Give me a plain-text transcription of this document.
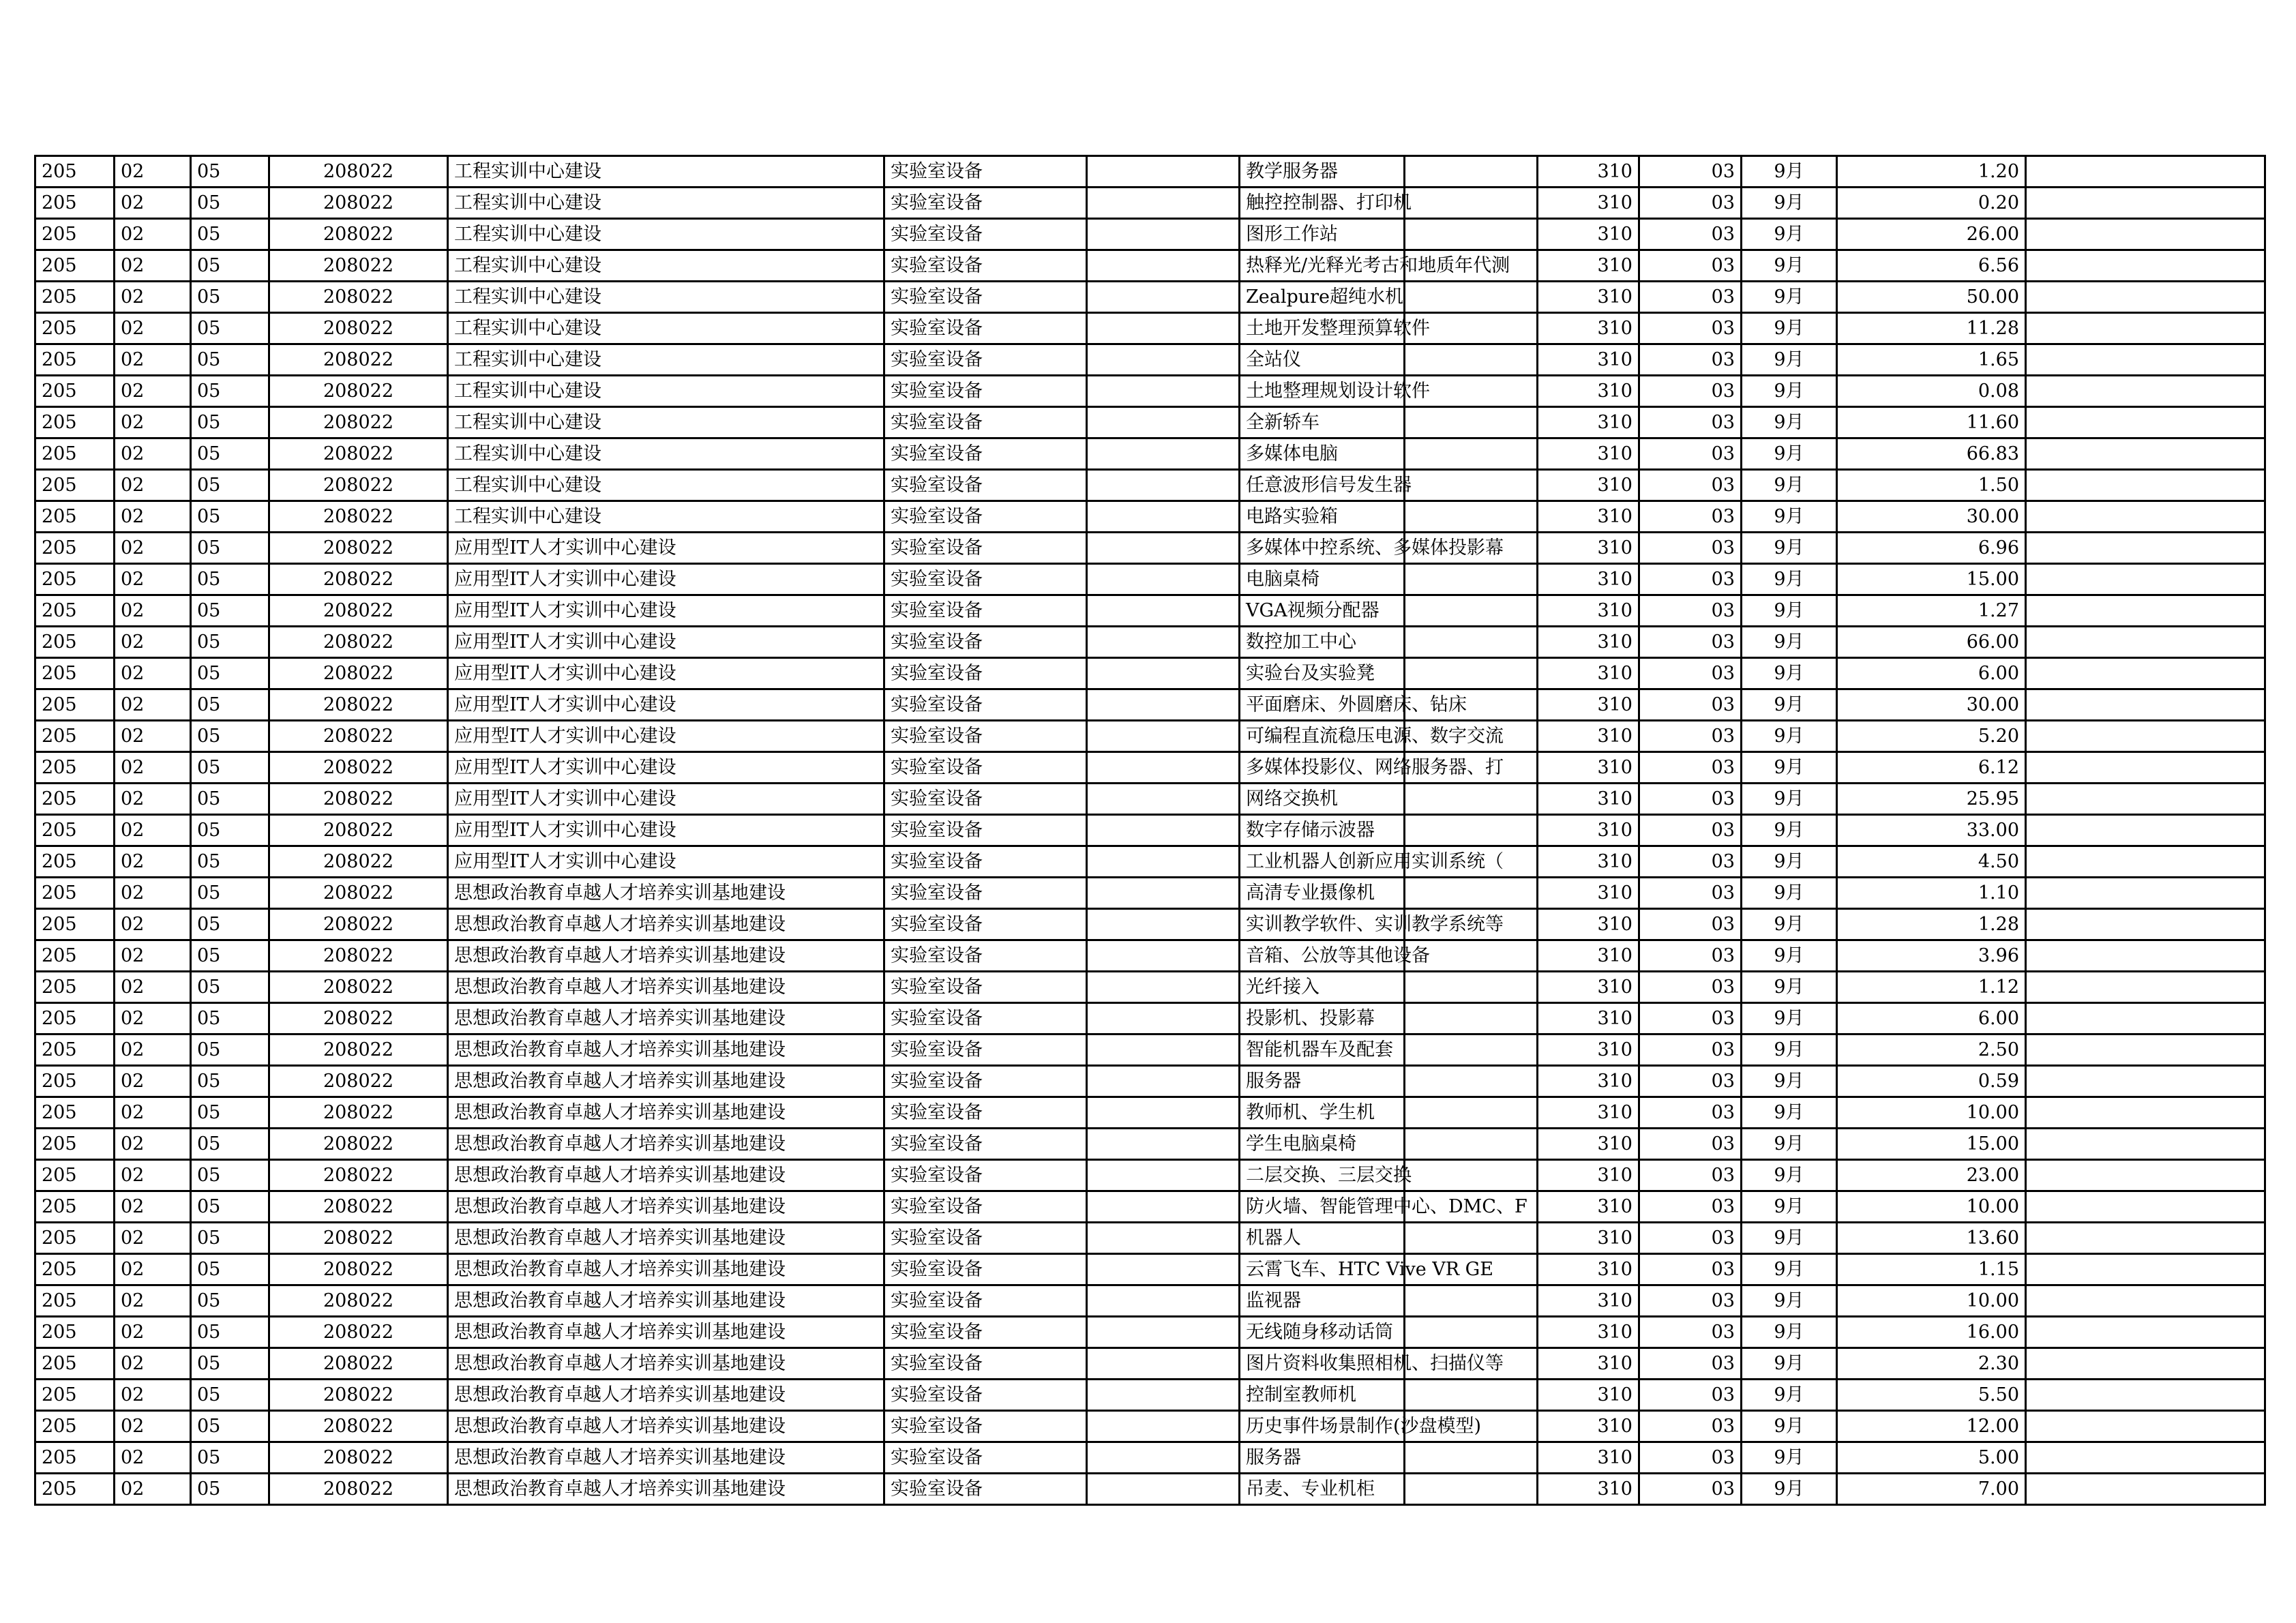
205	02	05	208022	工程实训中心建设	实验室设备		教学服务器		310	03	9月	1.20	
205	02	05	208022	工程实训中心建设	实验室设备		触控控制器、打印机		310	03	9月	0.20	
205	02	05	208022	工程实训中心建设	实验室设备		图形工作站		310	03	9月	26.00	
205	02	05	208022	工程实训中心建设	实验室设备		热释光/光释光考古和地质年代测		310	03	9月	6.56	
205	02	05	208022	工程实训中心建设	实验室设备		Zealpure超纯水机		310	03	9月	50.00	
205	02	05	208022	工程实训中心建设	实验室设备		土地开发整理预算软件		310	03	9月	11.28	
205	02	05	208022	工程实训中心建设	实验室设备		全站仪		310	03	9月	1.65	
205	02	05	208022	工程实训中心建设	实验室设备		土地整理规划设计软件		310	03	9月	0.08	
205	02	05	208022	工程实训中心建设	实验室设备		全新轿车		310	03	9月	11.60	
205	02	05	208022	工程实训中心建设	实验室设备		多媒体电脑		310	03	9月	66.83	
205	02	05	208022	工程实训中心建设	实验室设备		任意波形信号发生器		310	03	9月	1.50	
205	02	05	208022	工程实训中心建设	实验室设备		电路实验箱		310	03	9月	30.00	
205	02	05	208022	应用型IT人才实训中心建设	实验室设备		多媒体中控系统、多媒体投影幕		310	03	9月	6.96	
205	02	05	208022	应用型IT人才实训中心建设	实验室设备		电脑桌椅		310	03	9月	15.00	
205	02	05	208022	应用型IT人才实训中心建设	实验室设备		VGA视频分配器		310	03	9月	1.27	
205	02	05	208022	应用型IT人才实训中心建设	实验室设备		数控加工中心		310	03	9月	66.00	
205	02	05	208022	应用型IT人才实训中心建设	实验室设备		实验台及实验凳		310	03	9月	6.00	
205	02	05	208022	应用型IT人才实训中心建设	实验室设备		平面磨床、外圆磨床、钻床		310	03	9月	30.00	
205	02	05	208022	应用型IT人才实训中心建设	实验室设备		可编程直流稳压电源、数字交流		310	03	9月	5.20	
205	02	05	208022	应用型IT人才实训中心建设	实验室设备		多媒体投影仪、网络服务器、打		310	03	9月	6.12	
205	02	05	208022	应用型IT人才实训中心建设	实验室设备		网络交换机		310	03	9月	25.95	
205	02	05	208022	应用型IT人才实训中心建设	实验室设备		数字存储示波器		310	03	9月	33.00	
205	02	05	208022	应用型IT人才实训中心建设	实验室设备		工业机器人创新应用实训系统（		310	03	9月	4.50	
205	02	05	208022	思想政治教育卓越人才培养实训基地建设	实验室设备		高清专业摄像机		310	03	9月	1.10	
205	02	05	208022	思想政治教育卓越人才培养实训基地建设	实验室设备		实训教学软件、实训教学系统等		310	03	9月	1.28	
205	02	05	208022	思想政治教育卓越人才培养实训基地建设	实验室设备		音箱、公放等其他设备		310	03	9月	3.96	
205	02	05	208022	思想政治教育卓越人才培养实训基地建设	实验室设备		光纤接入		310	03	9月	1.12	
205	02	05	208022	思想政治教育卓越人才培养实训基地建设	实验室设备		投影机、投影幕		310	03	9月	6.00	
205	02	05	208022	思想政治教育卓越人才培养实训基地建设	实验室设备		智能机器车及配套		310	03	9月	2.50	
205	02	05	208022	思想政治教育卓越人才培养实训基地建设	实验室设备		服务器		310	03	9月	0.59	
205	02	05	208022	思想政治教育卓越人才培养实训基地建设	实验室设备		教师机、学生机		310	03	9月	10.00	
205	02	05	208022	思想政治教育卓越人才培养实训基地建设	实验室设备		学生电脑桌椅		310	03	9月	15.00	
205	02	05	208022	思想政治教育卓越人才培养实训基地建设	实验室设备		二层交换、三层交换		310	03	9月	23.00	
205	02	05	208022	思想政治教育卓越人才培养实训基地建设	实验室设备		防火墙、智能管理中心、DMC、F		310	03	9月	10.00	
205	02	05	208022	思想政治教育卓越人才培养实训基地建设	实验室设备		机器人		310	03	9月	13.60	
205	02	05	208022	思想政治教育卓越人才培养实训基地建设	实验室设备		云霄飞车、HTC Vive VR GE		310	03	9月	1.15	
205	02	05	208022	思想政治教育卓越人才培养实训基地建设	实验室设备		监视器		310	03	9月	10.00	
205	02	05	208022	思想政治教育卓越人才培养实训基地建设	实验室设备		无线随身移动话筒		310	03	9月	16.00	
205	02	05	208022	思想政治教育卓越人才培养实训基地建设	实验室设备		图片资料收集照相机、扫描仪等		310	03	9月	2.30	
205	02	05	208022	思想政治教育卓越人才培养实训基地建设	实验室设备		控制室教师机		310	03	9月	5.50	
205	02	05	208022	思想政治教育卓越人才培养实训基地建设	实验室设备		历史事件场景制作(沙盘模型)		310	03	9月	12.00	
205	02	05	208022	思想政治教育卓越人才培养实训基地建设	实验室设备		服务器		310	03	9月	5.00	
205	02	05	208022	思想政治教育卓越人才培养实训基地建设	实验室设备		吊麦、专业机柜		310	03	9月	7.00	
